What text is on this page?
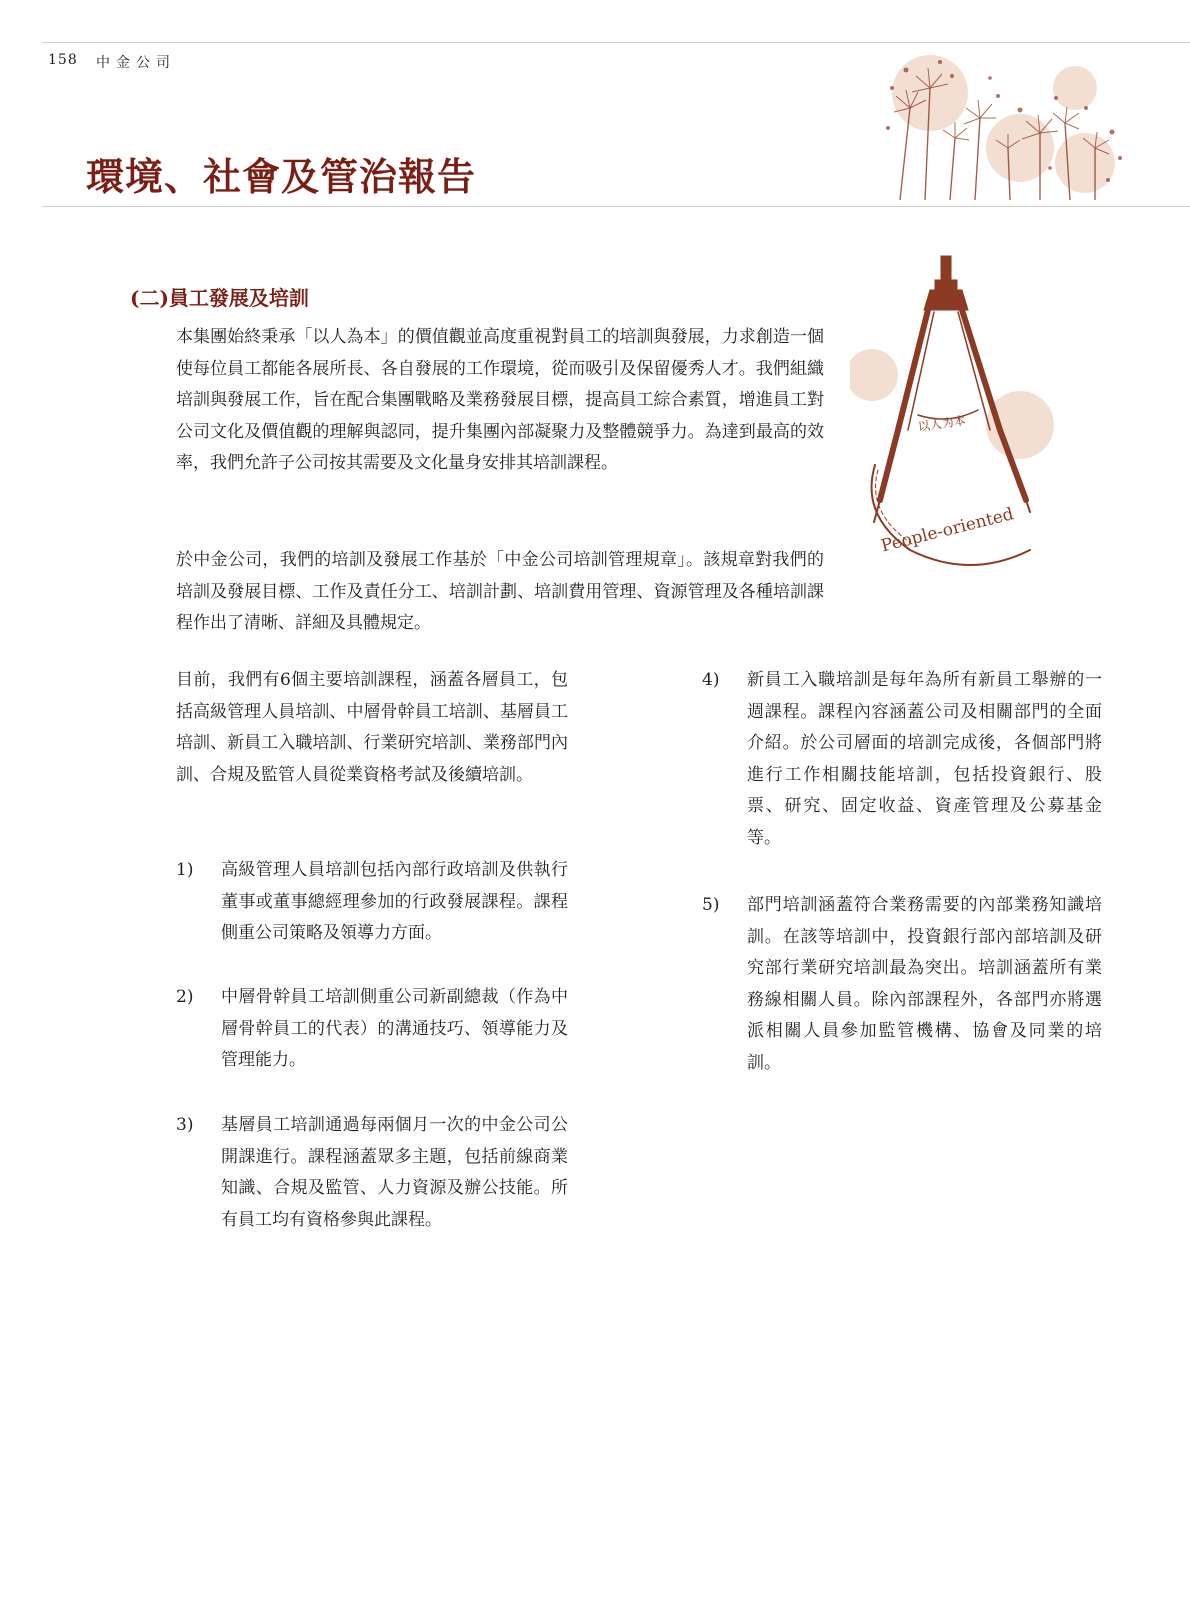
158 中金公司
環境、社會及管治報告
(二)員工發展及培訓

本集團始終秉承「以人為本」的價值觀並高度重視對員工的培訓與發展，力求創造一個使每位員工都能各展所長、各自發展的工作環境，從而吸引及保留優秀人才。我們組織培訓與發展工作，旨在配合集團戰略及業務發展目標，提高員工綜合素質，增進員工對公司文化及價值觀的理解與認同，提升集團內部凝聚力及整體競爭力。為達到最高的效率，我們允許子公司按其需要及文化量身安排其培訓課程。

於中金公司，我們的培訓及發展工作基於「中金公司培訓管理規章」。該規章對我們的培訓及發展目標、工作及責任分工、培訓計劃、培訓費用管理、資源管理及各種培訓課程作出了清晰、詳細及具體規定。

目前，我們有6個主要培訓課程，涵蓋各層員工，包括高級管理人員培訓、中層骨幹員工培訓、基層員工培訓、新員工入職培訓、行業研究培訓、業務部門內訓、合規及監管人員從業資格考試及後續培訓。

1) 高級管理人員培訓包括內部行政培訓及供執行董事或董事總經理參加的行政發展課程。課程側重公司策略及領導力方面。
2) 中層骨幹員工培訓側重公司新副總裁（作為中層骨幹員工的代表）的溝通技巧、領導能力及管理能力。
3) 基層員工培訓通過每兩個月一次的中金公司公開課進行。課程涵蓋眾多主題，包括前線商業知識、合規及監管、人力資源及辦公技能。所有員工均有資格參與此課程。
4) 新員工入職培訓是每年為所有新員工舉辦的一週課程。課程內容涵蓋公司及相關部門的全面介紹。於公司層面的培訓完成後，各個部門將進行工作相關技能培訓，包括投資銀行、股票、研究、固定收益、資產管理及公募基金等。
5) 部門培訓涵蓋符合業務需要的內部業務知識培訓。在該等培訓中，投資銀行部內部培訓及研究部行業研究培訓最為突出。培訓涵蓋所有業務線相關人員。除內部課程外，各部門亦將選派相關人員參加監管機構、協會及同業的培訓。
以人为本
People-oriented
